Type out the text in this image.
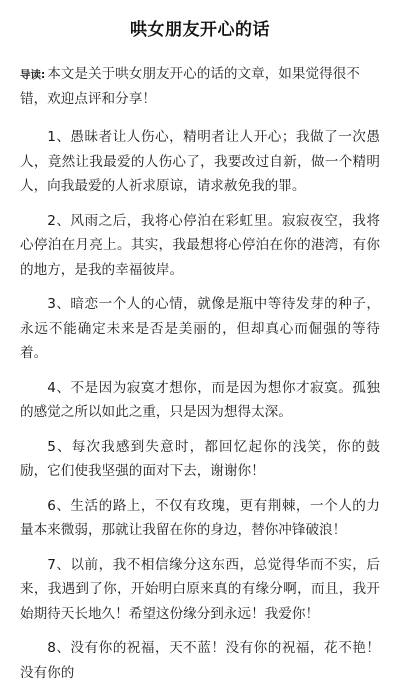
哄女朋友开心的话
导读: 本文是关于哄女朋友开心的话的文章，如果觉得很不错，欢迎点评和分享！

1、愚昧者让人伤心，精明者让人开心；我做了一次愚人，竟然让我最爱的人伤心了，我要改过自新，做一个精明人，向我最爱的人祈求原谅，请求赦免我的罪。

2、风雨之后，我将心停泊在彩虹里。寂寂夜空，我将心停泊在月亮上。其实，我最想将心停泊在你的港湾，有你的地方，是我的幸福彼岸。

3、暗恋一个人的心情，就像是瓶中等待发芽的种子，永远不能确定未来是否是美丽的，但却真心而倔强的等待着。

4、不是因为寂寞才想你，而是因为想你才寂寞。孤独的感觉之所以如此之重，只是因为想得太深。

5、每次我感到失意时，都回忆起你的浅笑，你的鼓励，它们使我坚强的面对下去，谢谢你！

6、生活的路上，不仅有玫瑰，更有荆棘，一个人的力量本来微弱，那就让我留在你的身边，替你冲锋破浪！

7、以前，我不相信缘分这东西，总觉得华而不实，后来，我遇到了你，开始明白原来真的有缘分啊，而且，我开始期待天长地久！希望这份缘分到永远！我爱你！

8、没有你的祝福，天不蓝！没有你的祝福，花不艳！没有你的
